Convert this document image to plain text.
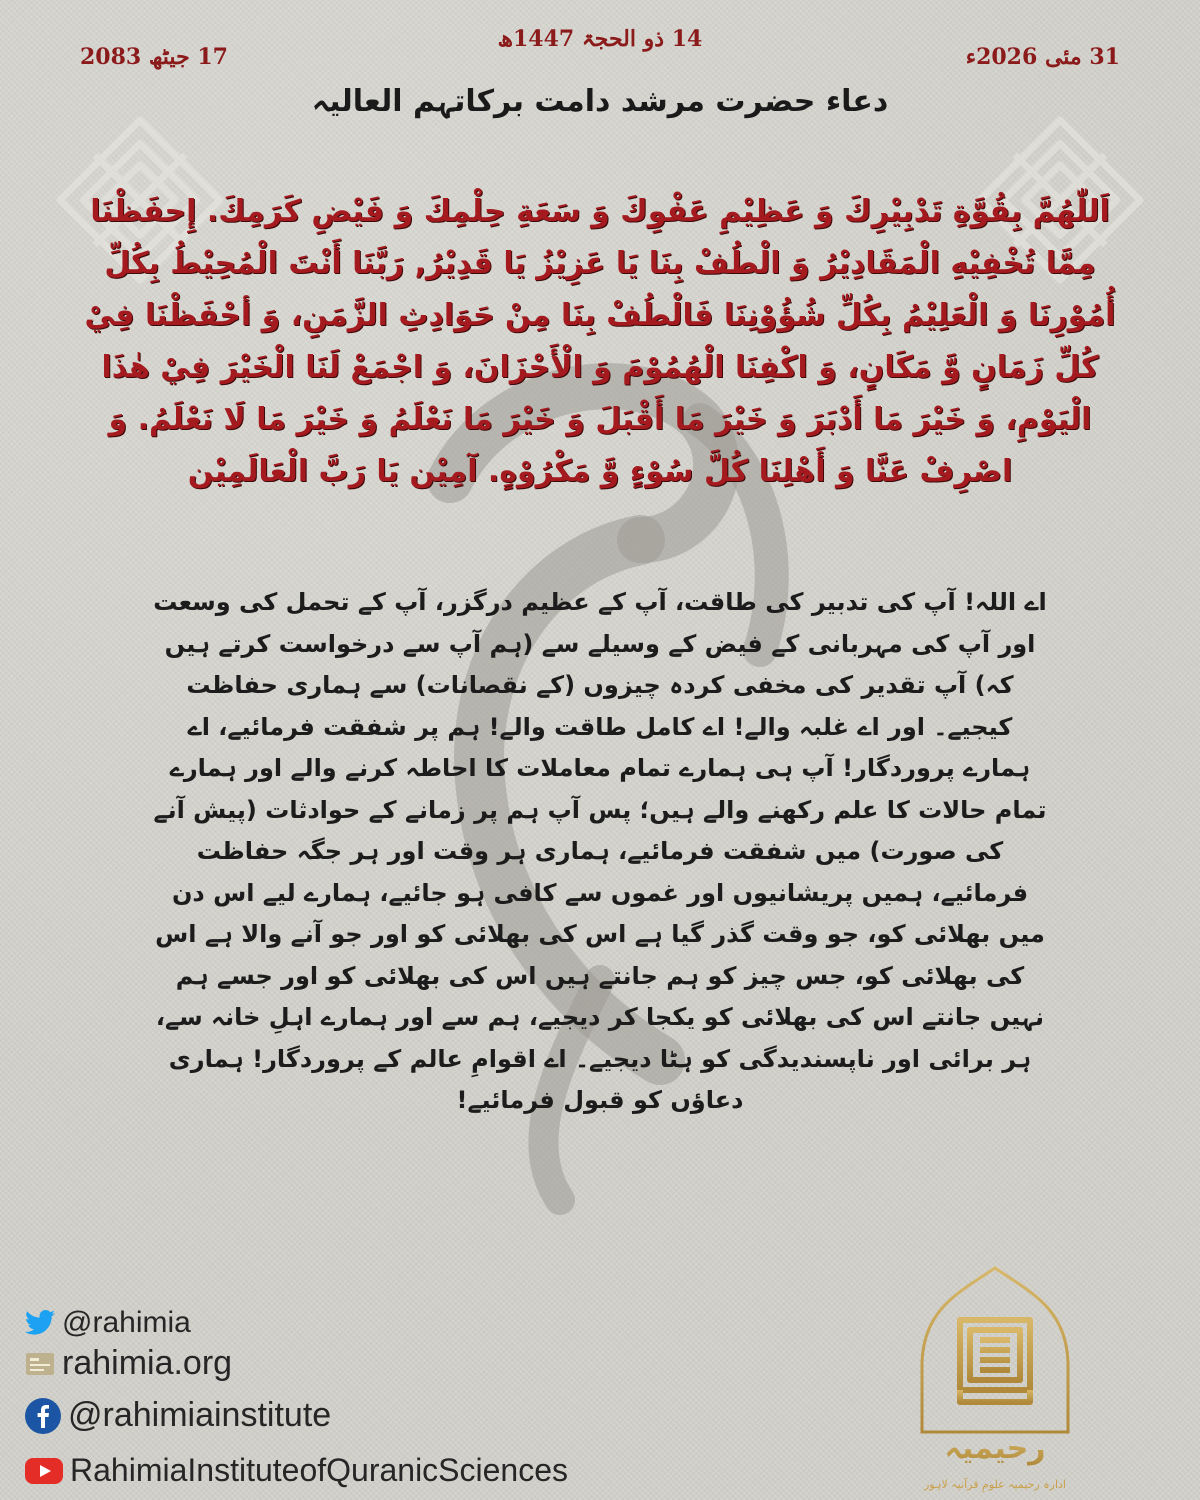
14 ذو الحجۃ 1447ھ
31 مئی 2026ء
17 جیٹھ 2083
دعاء حضرت مرشد دامت برکاتہم العالیہ

اَللّٰهُمَّ بِقُوَّةِ تَدْبِيْرِكَ وَ عَظِيْمِ عَفْوِكَ وَ سَعَةِ حِلْمِكَ وَ فَيْضِ كَرَمِكَ. إِحفَظْنَا مِمَّا تُخْفِيْهِ الْمَقَادِيْرُ وَ الْطُفْ بِنَا يَا عَزِيْزُ يَا قَدِيْرُ, رَبَّنَا أَنْتَ الْمُحِيْطُ بِكُلِّ أُمُوْرِنَا وَ الْعَلِيْمُ بِكُلِّ شُؤُوْنِنَا فَالْطُفْ بِنَا مِنْ حَوَادِثِ الزَّمَنِ، وَ أحْفَظْنَا فِيْ كُلِّ زَمَانٍ وَّ مَكَانٍ، وَ اكْفِنَا الْهُمُوْمَ وَ الْأَحْزَانَ، وَ اجْمَعْ لَنَا الْخَيْرَ فِيْ هٰذَا الْيَوْمِ، وَ خَيْرَ مَا أَدْبَرَ وَ خَيْرَ مَا أَقْبَلَ وَ خَيْرَ مَا نَعْلَمُ وَ خَيْرَ مَا لَا نَعْلَمُ. وَ اصْرِفْ عَنَّا وَ أَهْلِنَا كُلَّ سُوْءٍ وَّ مَكْرُوْهٍ. آمِيْن يَا رَبَّ الْعَالَمِيْن

اے اللہ! آپ کی تدبیر کی طاقت، آپ کے عظیم درگزر، آپ کے تحمل کی وسعت اور آپ کی مہربانی کے فیض کے وسیلے سے (ہم آپ سے درخواست کرتے ہیں کہ) آپ تقدیر کی مخفی کردہ چیزوں (کے نقصانات) سے ہماری حفاظت کیجیے۔ اور اے غلبہ والے! اے کامل طاقت والے! ہم پر شفقت فرمائیے، اے ہمارے پروردگار! آپ ہی ہمارے تمام معاملات کا احاطہ کرنے والے اور ہمارے تمام حالات کا علم رکھنے والے ہیں؛ پس آپ ہم پر زمانے کے حوادثات (پیش آنے کی صورت) میں شفقت فرمائیے، ہماری ہر وقت اور ہر جگہ حفاظت فرمائیے، ہمیں پریشانیوں اور غموں سے کافی ہو جائیے، ہمارے لیے اس دن میں بھلائی کو، جو وقت گذر گیا ہے اس کی بھلائی کو اور جو آنے والا ہے اس کی بھلائی کو، جس چیز کو ہم جانتے ہیں اس کی بھلائی کو اور جسے ہم نہیں جانتے اس کی بھلائی کو یکجا کر دیجیے، ہم سے اور ہمارے اہلِ خانہ سے، ہر برائی اور ناپسندیدگی کو ہٹا دیجیے۔ اے اقوامِ عالم کے پروردگار! ہماری دعاؤں کو قبول فرمائیے!

@rahimia
rahimia.org
@rahimiainstitute
RahimiaInstituteofQuranicSciences
رحیمیہ
ادارہ رحیمیہ علومِ قرآنیہ لاہور
